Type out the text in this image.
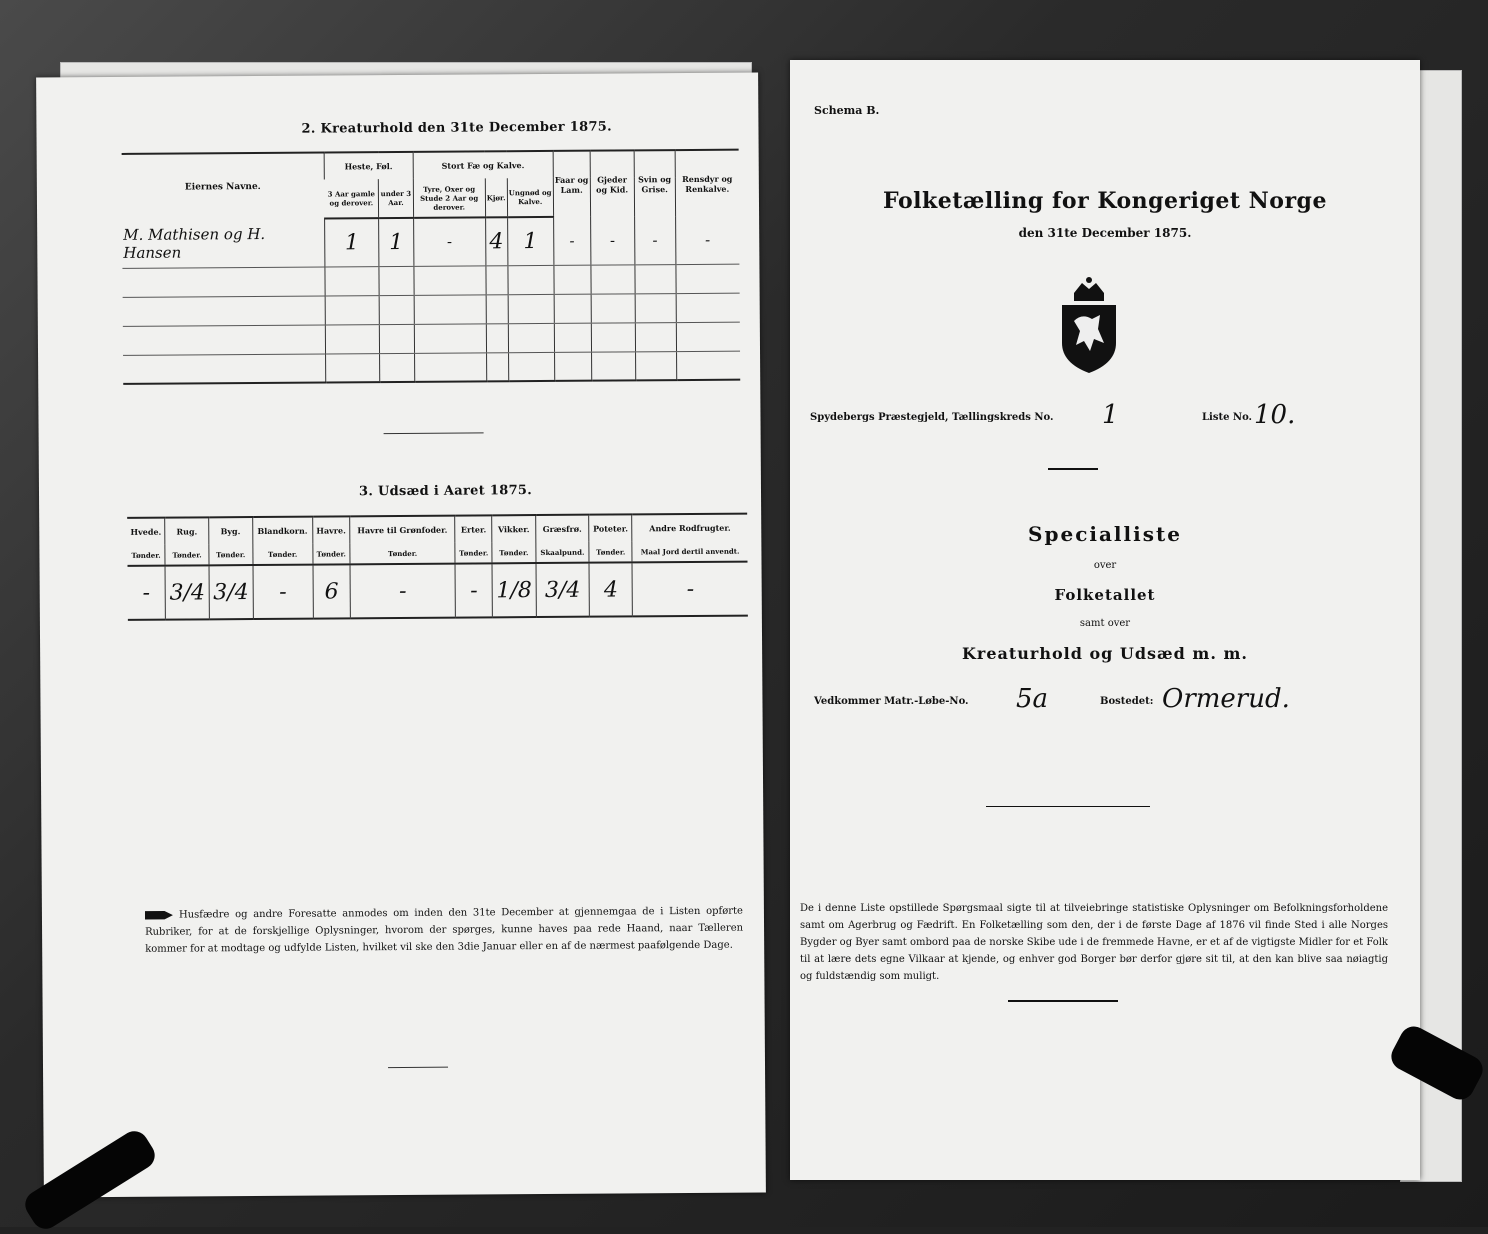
2. Kreaturhold den 31te December 1875.
Eiernes Navne.	Heste, Føl.		Stort Fæ og Kalve.			Faar og Lam.	Gjeder og Kid.	Svin og Grise.	Rensdyr og Renkalve.
	3 Aar gamle og derover.	under 3 Aar.	Tyre, Oxer og Stude 2 Aar og derover.	Kjør.	Ungnød og Kalve.				
M. Mathisen og H. Hansen	1	1	-	4	1	-	-	-	-

3. Udsæd i Aaret 1875.
Hvede.	Rug.	Byg.	Blandkorn.	Havre.	Havre til Grønfoder.	Erter.	Vikker.	Græsfrø.	Poteter.	Andre Rodfrugter.
Tønder.	Tønder.	Tønder.	Tønder.	Tønder.	Tønder.	Tønder.	Tønder.	Skaalpund.	Tønder.	Maal Jord dertil anvendt.
-	3/4	3/4	-	6	-	-	1/8	3/4	4	-
Husfædre og andre Foresatte anmodes om inden den 31te December at gjennemgaa de i Listen opførte Rubriker, for at de forskjellige Oplysninger, hvorom der spørges, kunne haves paa rede Haand, naar Tælleren kommer for at modtage og udfylde Listen, hvilket vil ske den 3die Januar eller en af de nærmest paafølgende Dage.
Schema B.
Folketælling for Kongeriget Norge
den 31te December 1875.
Spydebergs Præstegjeld, Tællingskreds No. 1	Liste No. 10.
Specialliste
over
Folketallet
samt over
Kreaturhold og Udsæd m. m.
Vedkommer Matr.-Løbe-No. 5a	Bostedet: Ormerud.
De i denne Liste opstillede Spørgsmaal sigte til at tilveiebringe statistiske Oplysninger om Befolkningsforholdene samt om Agerbrug og Fædrift. En Folketælling som den, der i de første Dage af 1876 vil finde Sted i alle Norges Bygder og Byer samt ombord paa de norske Skibe ude i de fremmede Havne, er et af de vigtigste Midler for et Folk til at lære dets egne Vilkaar at kjende, og enhver god Borger bør derfor gjøre sit til, at den kan blive saa nøiagtig og fuldstændig som muligt.
